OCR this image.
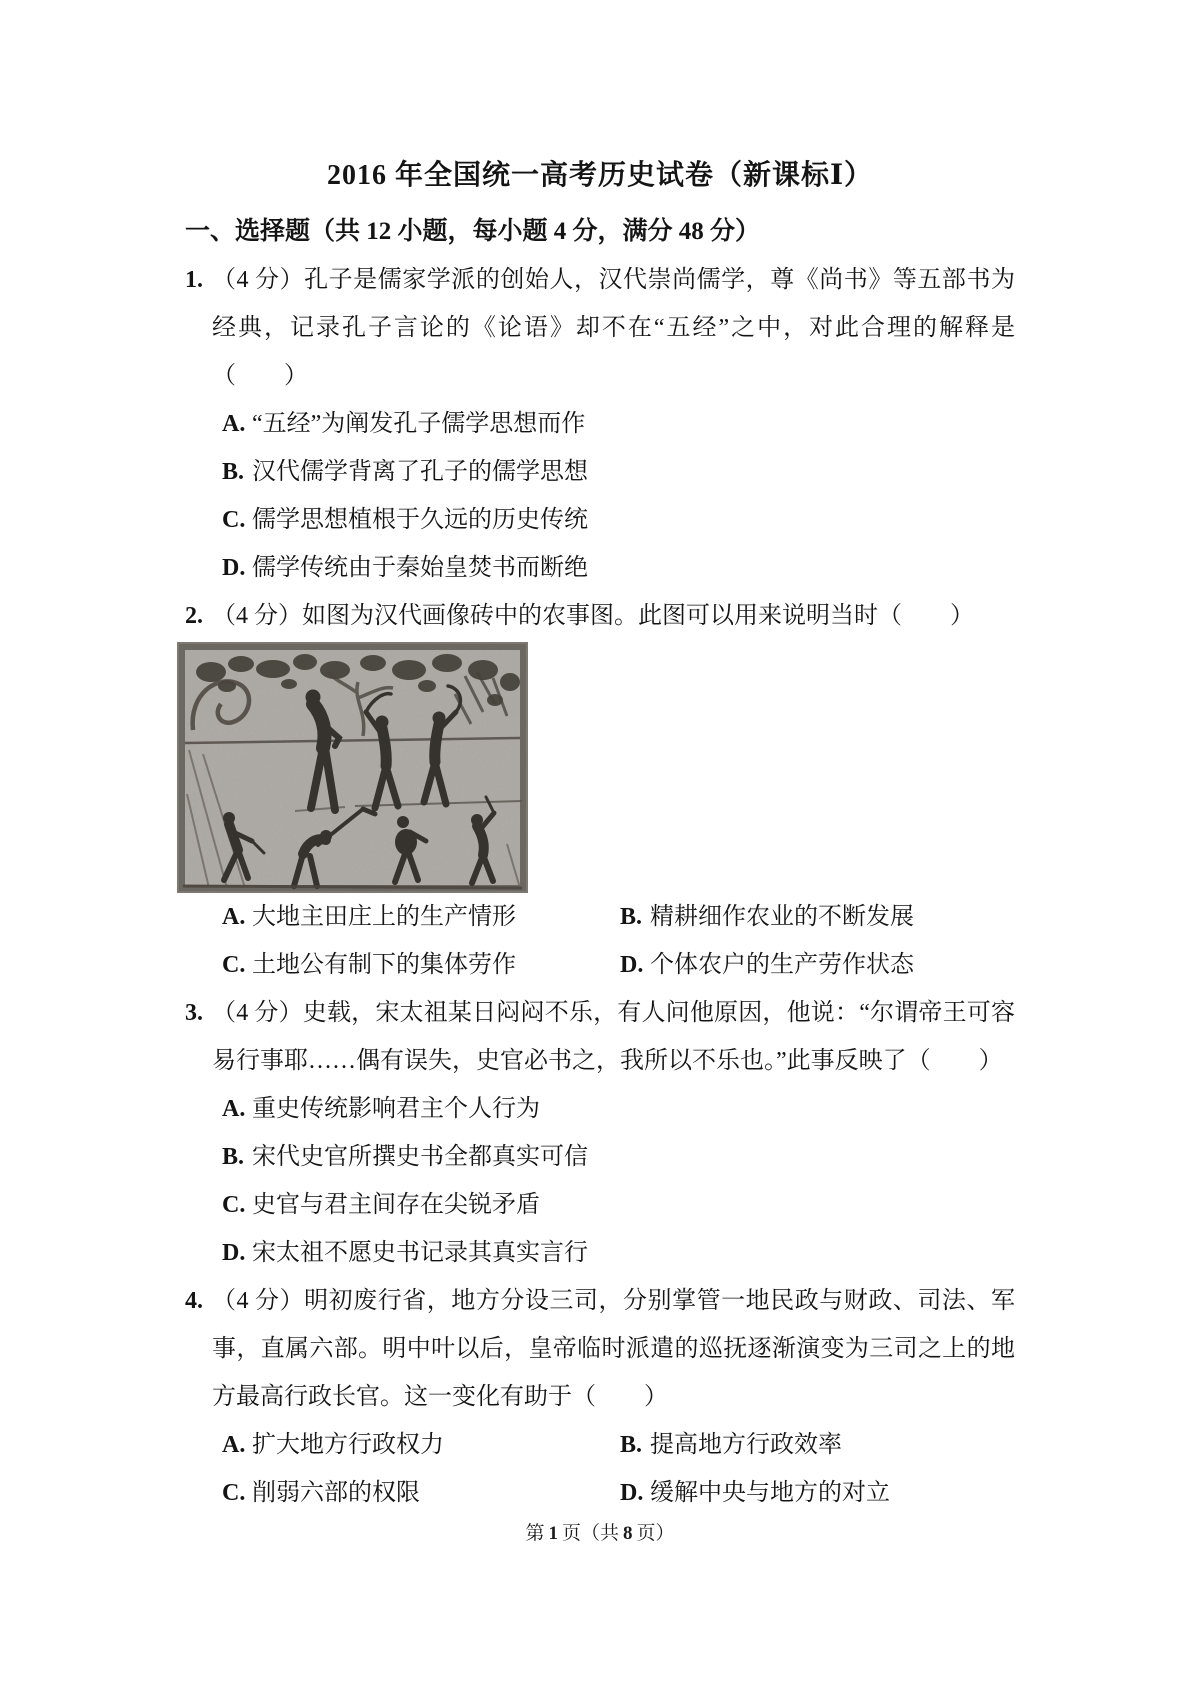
2016 年全国统一高考历史试卷（新课标Ⅰ）
一、选择题（共 12 小题，每小题 4 分，满分 48 分）
1. （4 分）孔子是儒家学派的创始人，汉代崇尚儒学，尊《尚书》等五部书为经典，记录孔子言论的《论语》却不在“五经”之中，对此合理的解释是（　　）

A. “五经”为阐发孔子儒学思想而作
B. 汉代儒学背离了孔子的儒学思想
C. 儒学思想植根于久远的历史传统
D. 儒学传统由于秦始皇焚书而断绝
2. （4 分）如图为汉代画像砖中的农事图。此图可以用来说明当时（　　）

A. 大地主田庄上的生产情形	B. 精耕细作农业的不断发展
C. 土地公有制下的集体劳作	D. 个体农户的生产劳作状态
3. （4 分）史载，宋太祖某日闷闷不乐，有人问他原因，他说：“尔谓帝王可容易行事耶……偶有误失，史官必书之，我所以不乐也。”此事反映了（　　）

A. 重史传统影响君主个人行为
B. 宋代史官所撰史书全都真实可信
C. 史官与君主间存在尖锐矛盾
D. 宋太祖不愿史书记录其真实言行
4. （4 分）明初废行省，地方分设三司，分别掌管一地民政与财政、司法、军事，直属六部。明中叶以后，皇帝临时派遣的巡抚逐渐演变为三司之上的地方最高行政长官。这一变化有助于（　　）

A. 扩大地方行政权力	B. 提高地方行政效率
C. 削弱六部的权限	D. 缓解中央与地方的对立
第 1 页（共 8 页）
